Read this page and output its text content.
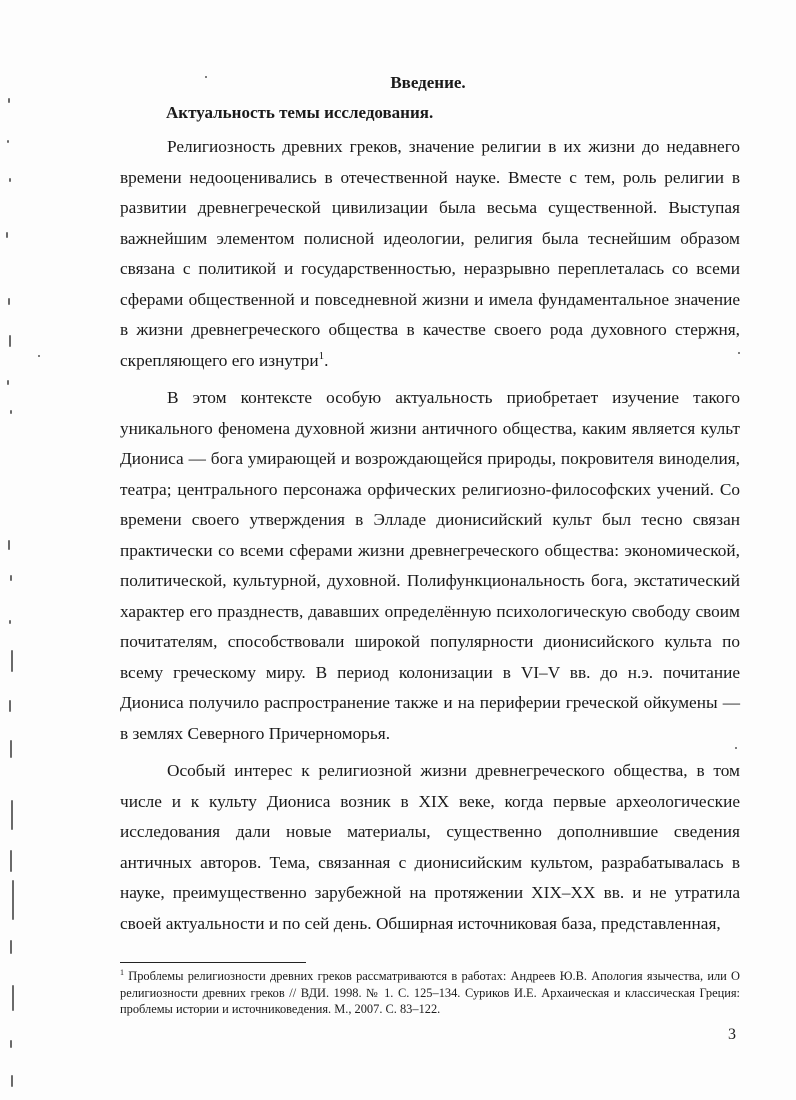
Введение.
Актуальность темы исследования.

Религиозность древних греков, значение религии в их жизни до недавнего времени недооценивались в отечественной науке. Вместе с тем, роль религии в развитии древнегреческой цивилизации была весьма существенной. Выступая важнейшим элементом полисной идеологии, религия была теснейшим образом связана с политикой и государственностью, неразрывно переплеталась со всеми сферами общественной и повседневной жизни и имела фундаментальное значение в жизни древнегреческого общества в качестве своего рода духовного стержня, скрепляющего его изнутри$^1$.

В этом контексте особую актуальность приобретает изучение такого уникального феномена духовной жизни античного общества, каким является культ Диониса — бога умирающей и возрождающейся природы, покровителя виноделия, театра; центрального персонажа орфических религиозно-философских учений. Со времени своего утверждения в Элладе дионисийский культ был тесно связан практически со всеми сферами жизни древнегреческого общества: экономической, политической, культурной, духовной. Полифункциональность бога, экстатический характер его празднеств, дававших определённую психологическую свободу своим почитателям, способствовали широкой популярности дионисийского культа по всему греческому миру. В период колонизации в VI–V вв. до н.э. почитание Диониса получило распространение также и на периферии греческой ойкумены — в землях Северного Причерноморья.

Особый интерес к религиозной жизни древнегреческого общества, в том числе и к культу Диониса возник в XIX веке, когда первые археологические исследования дали новые материалы, существенно дополнившие сведения античных авторов. Тема, связанная с дионисийским культом, разрабатывалась в науке, преимущественно зарубежной на протяжении XIX–XX вв. и не утратила своей актуальности и по сей день. Обширная источниковая база, представленная,

$^1$ Проблемы религиозности древних греков рассматриваются в работах: Андреев Ю.В. Апология язычества, или О религиозности древних греков // ВДИ. 1998. № 1. С. 125–134. Суриков И.Е. Архаическая и классическая Греция: проблемы истории и источниковедения. М., 2007. С. 83–122.
3
